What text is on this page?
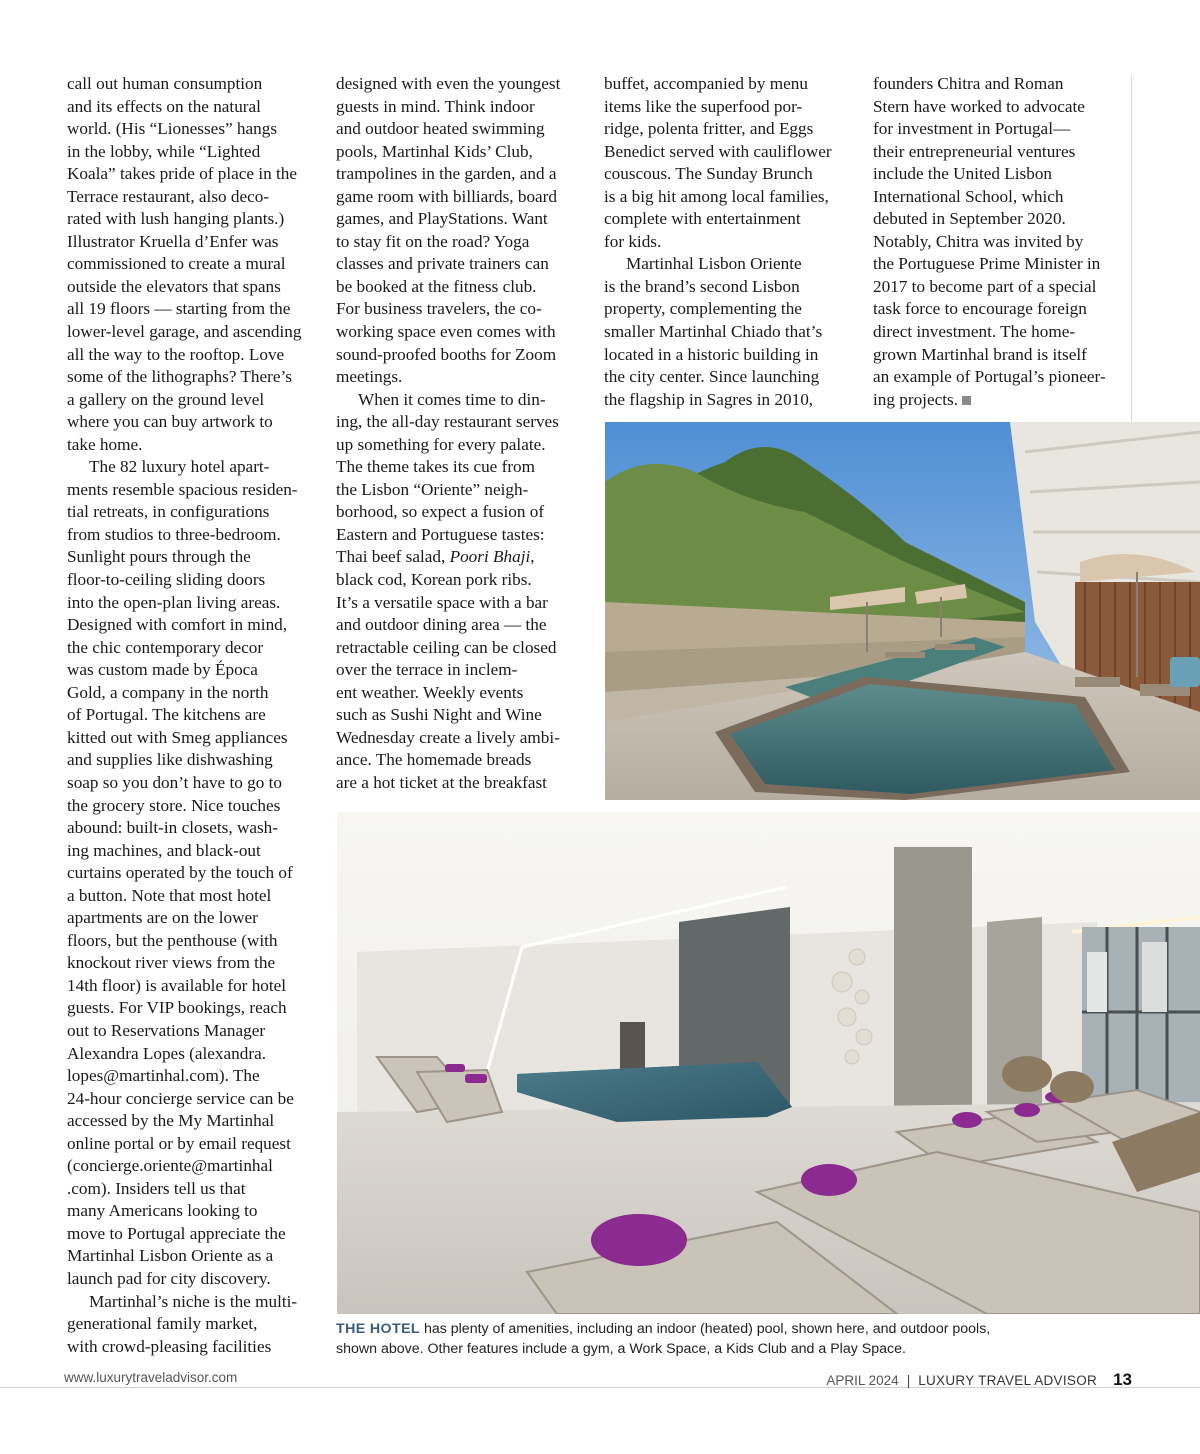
call out human consumption

and its effects on the natural

world. (His “Lionesses” hangs

in the lobby, while “Lighted

Koala” takes pride of place in the

Terrace restaurant, also deco-

rated with lush hanging plants.)

Illustrator Kruella d’Enfer was

commissioned to create a mural

outside the elevators that spans

all 19 floors — starting from the

lower-level garage, and ascending

all the way to the rooftop. Love

some of the lithographs? There’s

a gallery on the ground level

where you can buy artwork to

take home.

The 82 luxury hotel apart-

ments resemble spacious residen-

tial retreats, in configurations

from studios to three-bedroom.

Sunlight pours through the

floor-to-ceiling sliding doors

into the open-plan living areas.

Designed with comfort in mind,

the chic contemporary decor

was custom made by Época

Gold, a company in the north

of Portugal. The kitchens are

kitted out with Smeg appliances

and supplies like dishwashing

soap so you don’t have to go to

the grocery store. Nice touches

abound: built-in closets, wash-

ing machines, and black-out

curtains operated by the touch of

a button. Note that most hotel

apartments are on the lower

floors, but the penthouse (with

knockout river views from the

14th floor) is available for hotel

guests. For VIP bookings, reach

out to Reservations Manager

Alexandra Lopes (alexandra.

lopes@martinhal.com). The

24-hour concierge service can be

accessed by the My Martinhal

online portal or by email request

(concierge.oriente@martinhal

.com). Insiders tell us that

many Americans looking to

move to Portugal appreciate the

Martinhal Lisbon Oriente as a

launch pad for city discovery.

Martinhal’s niche is the multi-

generational family market,

with crowd-pleasing facilities

designed with even the youngest

guests in mind. Think indoor

and outdoor heated swimming

pools, Martinhal Kids’ Club,

trampolines in the garden, and a

game room with billiards, board

games, and PlayStations. Want

to stay fit on the road? Yoga

classes and private trainers can

be booked at the fitness club.

For business travelers, the co-

working space even comes with

sound-proofed booths for Zoom

meetings.

When it comes time to din-

ing, the all-day restaurant serves

up something for every palate.

The theme takes its cue from

the Lisbon “Oriente” neigh-

borhood, so expect a fusion of

Eastern and Portuguese tastes:

Thai beef salad, Poori Bhaji,

black cod, Korean pork ribs.

It’s a versatile space with a bar

and outdoor dining area — the

retractable ceiling can be closed

over the terrace in inclem-

ent weather. Weekly events

such as Sushi Night and Wine

Wednesday create a lively ambi-

ance. The homemade breads

are a hot ticket at the breakfast

buffet, accompanied by menu

items like the superfood por-

ridge, polenta fritter, and Eggs

Benedict served with cauliflower

couscous. The Sunday Brunch

is a big hit among local families,

complete with entertainment

for kids.

Martinhal Lisbon Oriente

is the brand’s second Lisbon

property, complementing the

smaller Martinhal Chiado that’s

located in a historic building in

the city center. Since launching

the flagship in Sagres in 2010,

founders Chitra and Roman

Stern have worked to advocate

for investment in Portugal—

their entrepreneurial ventures

include the United Lisbon

International School, which

debuted in September 2020.

Notably, Chitra was invited by

the Portuguese Prime Minister in

2017 to become part of a special

task force to encourage foreign

direct investment. The home-

grown Martinhal brand is itself

an example of Portugal’s pioneer-

ing projects.

THE HOTEL has plenty of amenities, including an indoor (heated) pool, shown here, and outdoor pools,

shown above. Other features include a gym, a Work Space, a Kids Club and a Play Space.

www.luxurytraveladvisor.com	APRIL 2024 | LUXURY TRAVEL ADVISOR 13
